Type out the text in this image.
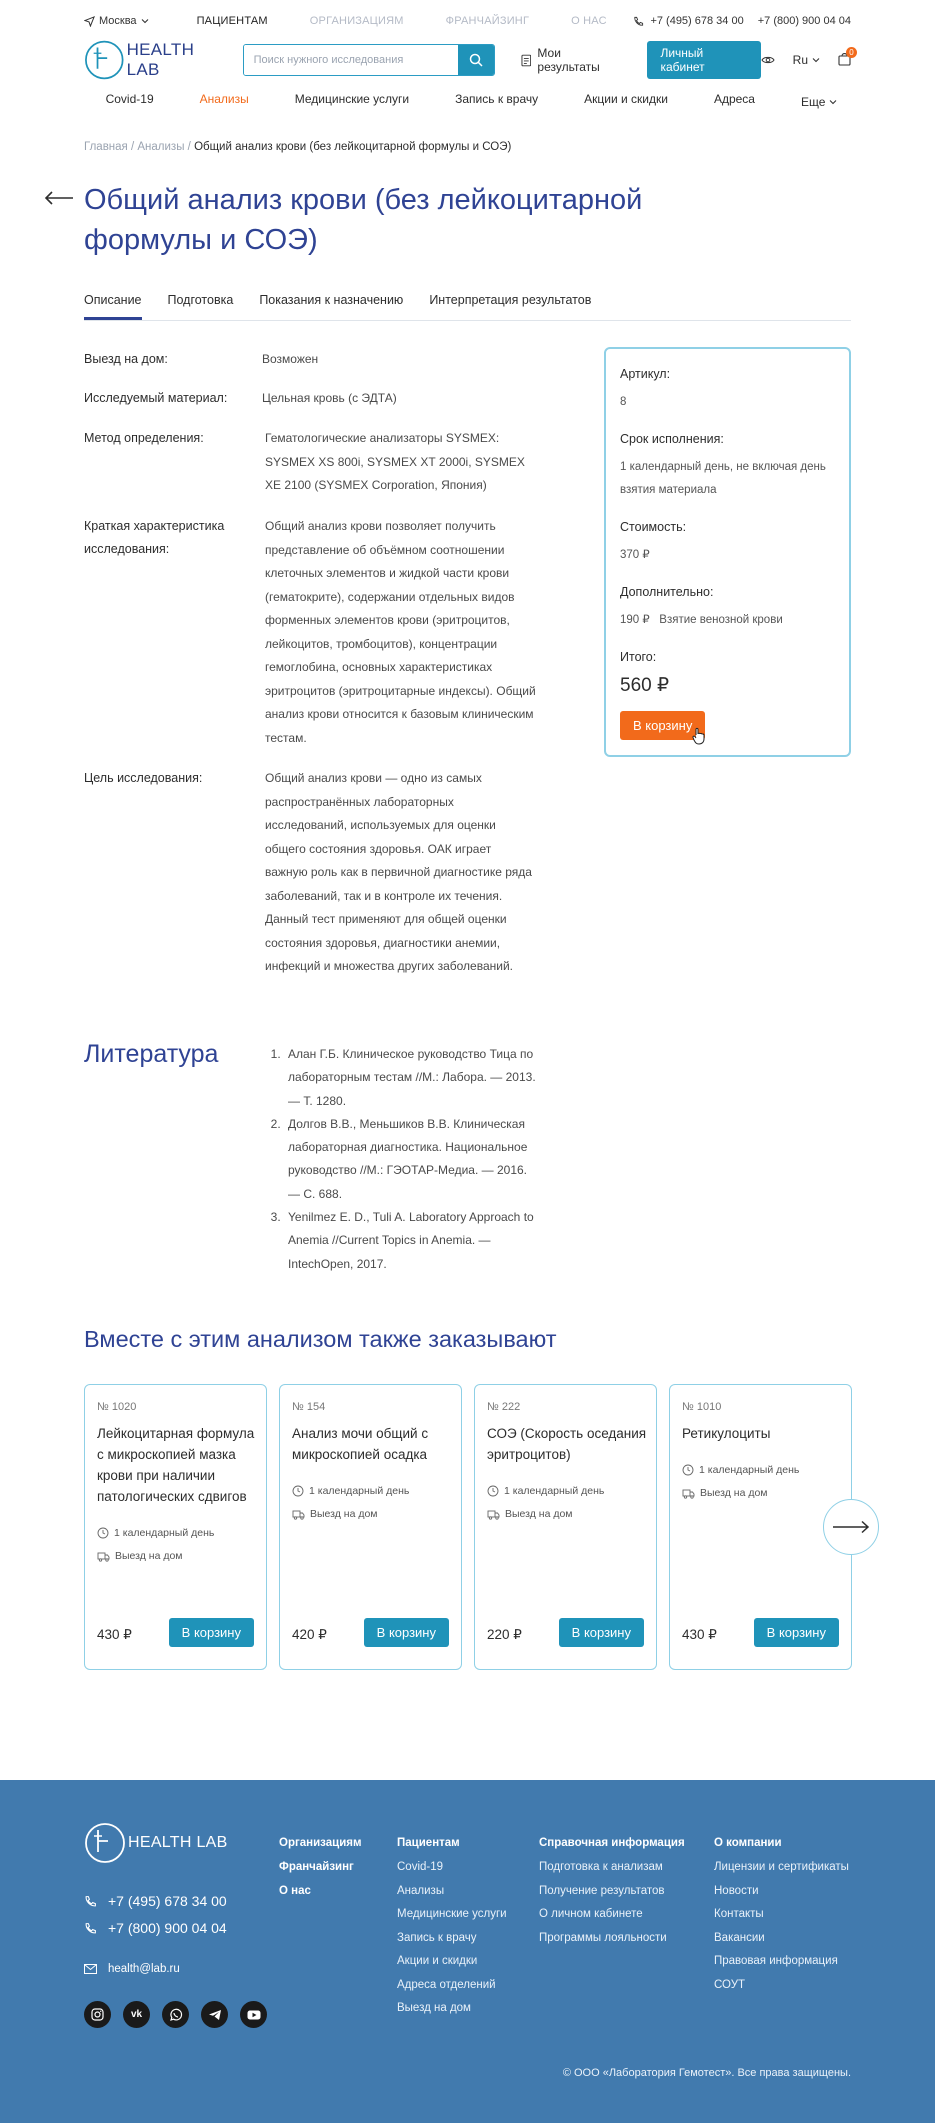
Москва	ПАЦИЕНТАМ	ОРГАНИЗАЦИЯМ	ФРАНЧАЙЗИНГ	О НАС	+7 (495) 678 34 00 +7 (800) 900 04 04
HEALTH LAB
Поиск нужного исследования
Мои результаты
Личный кабинет	Ru
0
Covid-19	Анализы	Медицинские услуги	Запись к врачу	Акции и скидки	Адреса	Еще
Главная / Анализы / Общий анализ крови (без лейкоцитарной формулы и СОЭ)
Общий анализ крови (без лейкоцитарной формулы и СОЭ)
Описание Подготовка Показания к назначению Интерпретация результатов
Выезд на дом:	Возможен
Исследуемый материал:	Цельная кровь (с ЭДТА)
Метод определения:	Гематологические анализаторы SYSMEX: SYSMEX XS 800i, SYSMEX XT 2000i, SYSMEX XE 2100 (SYSMEX Corporation, Япония)
Краткая характеристика исследования:
Общий анализ крови позволяет получить представление об объёмном соотношении клеточных элементов и жидкой части крови (гематокрите), содержании отдельных видов форменных элементов крови (эритроцитов, лейкоцитов, тромбоцитов), концентрации гемоглобина, основных характеристиках эритроцитов (эритроцитарные индексы). Общий анализ крови относится к базовым клиническим тестам.
Цель исследования:	Общий анализ крови — одно из самых распространённых лабораторных исследований, используемых для оценки общего состояния здоровья. ОАК играет важную роль как в первичной диагностике ряда заболеваний, так и в контроле их течения. Данный тест применяют для общей оценки состояния здоровья, диагностики анемии, инфекций и множества других заболеваний.
Артикул:
8
Срок исполнения:
1 календарный день, не включая день взятия материала
Стоимость:
370 ₽
Дополнительно:
190 ₽ Взятие венозной крови
Итого:
560 ₽
В корзину
Литература
1.	Алан Г.Б. Клиническое руководство Тица по лабораторным тестам //М.: Лабора. — 2013. — Т. 1280.
2. Долгов В.В., Меньшиков В.В. Клиническая лабораторная диагностика. Национальное руководство //М.: ГЭОТАР-Медиа. — 2016. — С. 688.
3. Yenilmez E. D., Tuli A. Laboratory Approach to Anemia //Current Topics in Anemia. — IntechOpen, 2017.
Вместе с этим анализом также заказывают
№ 1020
Лейкоцитарная формула с микроскопией мазка крови при наличии патологических сдвигов
1 календарный день
Выезд на дом
430 ₽	В корзину
№ 154
Анализ мочи общий с микроскопией осадка
1 календарный день
Выезд на дом
420 ₽	В корзину
№ 222
СОЭ (Скорость оседания эритроцитов)
1 календарный день
Выезд на дом
220 ₽	В корзину
№ 1010
Ретикулоциты
1 календарный день
Выезд на дом
430 ₽	В корзину
HEALTH LAB
+7 (495) 678 34 00
+7 (800) 900 04 04
health@lab.ru
vk
Организациям
Франчайзинг
О нас
Пациентам
Covid-19
Анализы
Медицинские услуги
Запись к врачу
Акции и скидки
Адреса отделений
Выезд на дом
Справочная информация
Подготовка к анализам
Получение результатов
О личном кабинете
Программы лояльности
О компании
Лицензии и сертификаты
Новости
Контакты
Вакансии
Правовая информация
СОУТ
© ООО «Лаборатория Гемотест». Все права защищены.
